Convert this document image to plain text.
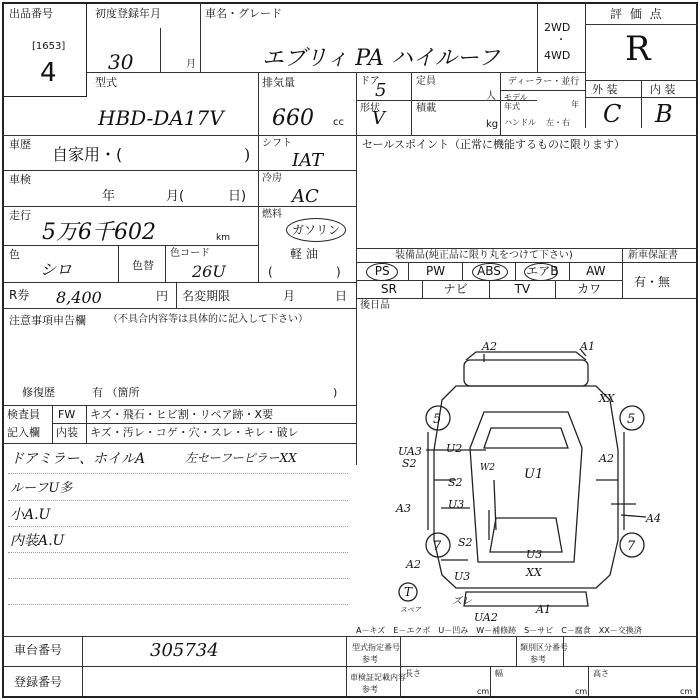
出品番号
[1653]
4
初度登録年月
30	月
車名・グレード
エブリィ PA ハイルーフ
2WD
・
4WD
評 価 点
R
型式
HBD-DA17V
排気量
660 cc
ドア
5
形状
V
定員
人
積載
kg
ディーラー・並行
モデル
年式	年
ハンドル 左・右
外 装	内 装
C B
車歴
自家用・(	)
シフト
IAT
セールスポイント（正常に機能するものに限ります）
車検
年	月(	日)
冷房
AC
走行
5万6千602	km
燃料
ガソリン
軽 油
(	)
色
シロ	色替
色コード
26U
装備品(純正品に限り丸をつけて下さい)	新車保証書
有・無
PS	PW	ABS	エアB	AW
SR	ナビ	TV	カワ
後日品
R券 8,400	円 名変期限	月	日
注意事項申告欄 （不具合内容等は具体的に記入して下さい）
修復歴	有 （箇所	)
検査員
記入欄
FW
内装
キズ・飛石・ヒビ割・リペア跡・X要
キズ・汚レ・コゲ・穴・スレ・キレ・破レ
ドアミラー、ホイルA	左セーフーピラーXX
ルーフU多
小A.U
内装A.U
A2	A1
XX
5	5
UA3
S2
U2
W2 U1
A2
S2
A3	U3
A4
7 S2
U3
7
A2
U3	XX
T
スペア
ズレ
UA2
A1
A－キズ　E－エクボ　U－凹み　W－補修跡　S－サビ　C－腐食　XX－交換済
車台番号	305734
登録番号
型式指定番号
参考
類別区分番号
参考
車検証記載内容
参考
長さ
cm
幅
cm
高さ
cm
